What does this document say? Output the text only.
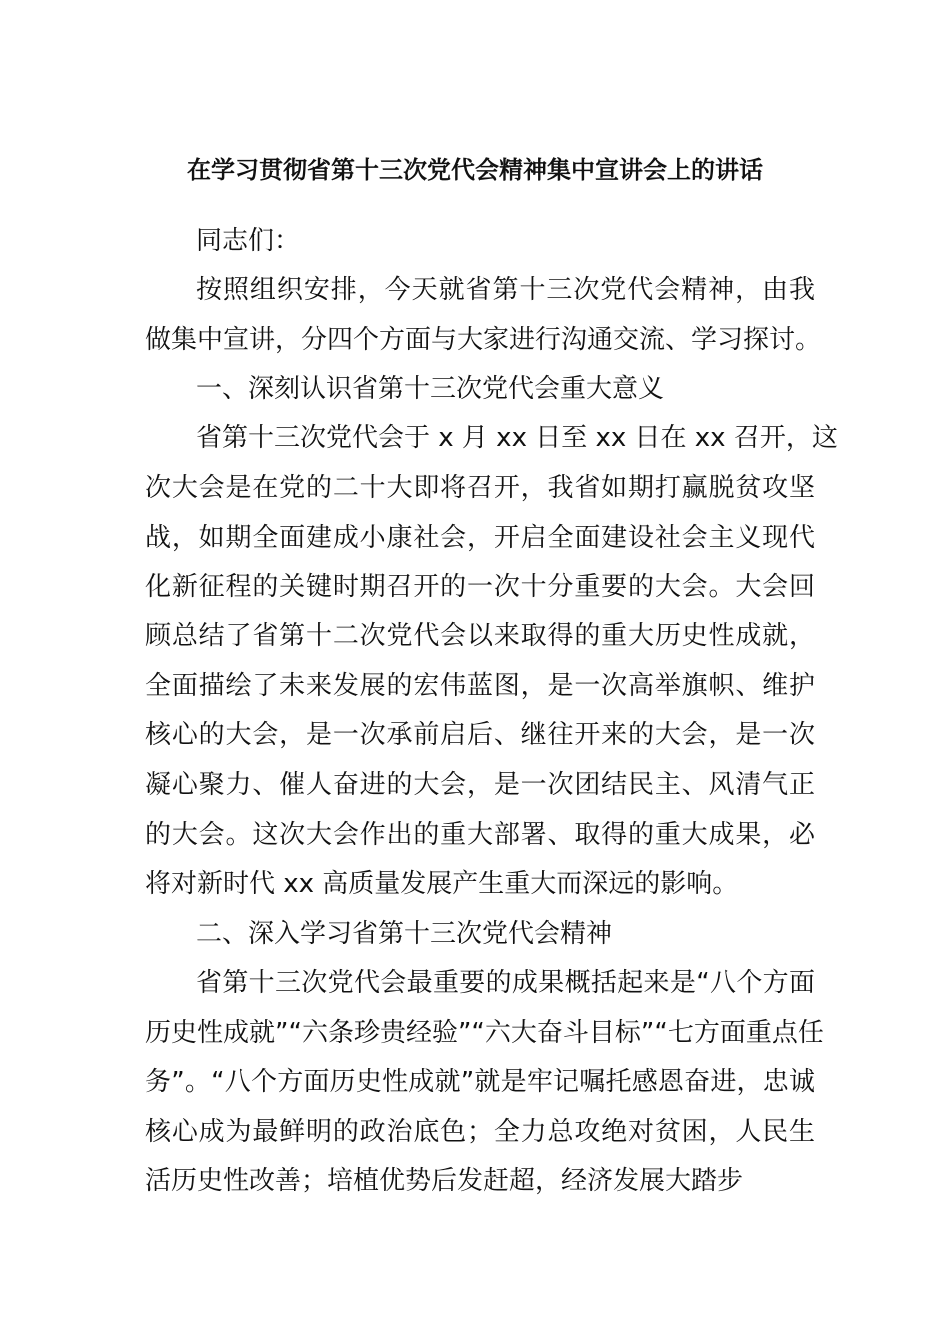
在学习贯彻省第十三次党代会精神集中宣讲会上的讲话

同志们：

按照组织安排，今天就省第十三次党代会精神，由我

做集中宣讲，分四个方面与大家进行沟通交流、学习探讨。

一、深刻认识省第十三次党代会重大意义

省第十三次党代会于 x 月 xx 日至 xx 日在 xx 召开，这

次大会是在党的二十大即将召开，我省如期打赢脱贫攻坚

战，如期全面建成小康社会，开启全面建设社会主义现代

化新征程的关键时期召开的一次十分重要的大会。大会回

顾总结了省第十二次党代会以来取得的重大历史性成就，

全面描绘了未来发展的宏伟蓝图，是一次高举旗帜、维护

核心的大会，是一次承前启后、继往开来的大会，是一次

凝心聚力、催人奋进的大会，是一次团结民主、风清气正

的大会。这次大会作出的重大部署、取得的重大成果，必

将对新时代 xx 高质量发展产生重大而深远的影响。

二、深入学习省第十三次党代会精神

省第十三次党代会最重要的成果概括起来是“八个方面

历史性成就”“六条珍贵经验”“六大奋斗目标”“七方面重点任

务”。“八个方面历史性成就”就是牢记嘱托感恩奋进，忠诚

核心成为最鲜明的政治底色；全力总攻绝对贫困，人民生

活历史性改善；培植优势后发赶超，经济发展大踏步
